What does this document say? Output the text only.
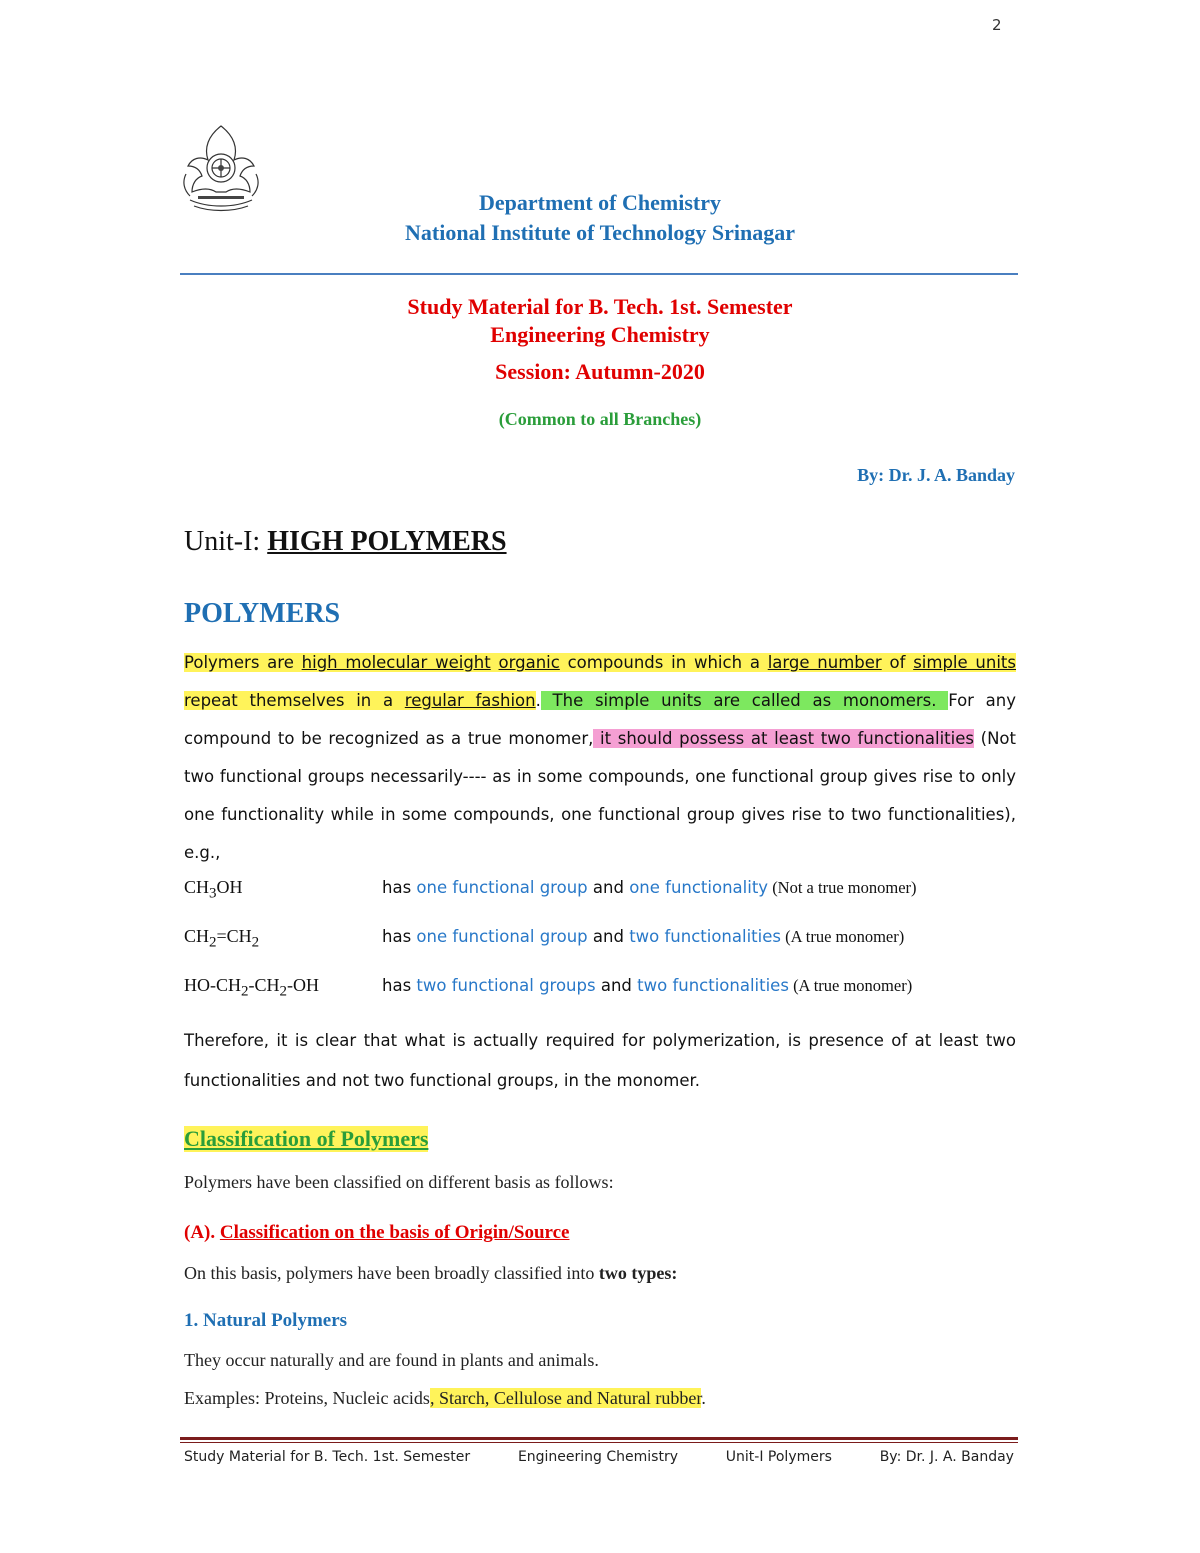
2
Department of Chemistry
National Institute of Technology Srinagar
Study Material for B. Tech. 1st. Semester
Engineering Chemistry
Session: Autumn-2020
(Common to all Branches)
By: Dr. J. A. Banday
Unit-I: HIGH POLYMERS
POLYMERS
Polymers are high molecular weight organic compounds in which a large number of simple units repeat themselves in a regular fashion. The simple units are called as monomers. For any compound to be recognized as a true monomer, it should possess at least two functionalities (Not two functional groups necessarily---- as in some compounds, one functional group gives rise to only one functionality while in some compounds, one functional group gives rise to two functionalities), e.g.,
$CH_3OH$	has one functional group and one functionality (Not a true monomer)
$CH_2=CH_2$	has one functional group and two functionalities (A true monomer)
$HO-CH_2-CH_2-OH$	has two functional groups and two functionalities (A true monomer)
Therefore, it is clear that what is actually required for polymerization, is presence of at least two functionalities and not two functional groups, in the monomer.
Classification of Polymers
Polymers have been classified on different basis as follows:
(A). Classification on the basis of Origin/Source
On this basis, polymers have been broadly classified into two types:
1. Natural Polymers
They occur naturally and are found in plants and animals.
Examples: Proteins, Nucleic acids, Starch, Cellulose and Natural rubber.
Study Material for B. Tech. 1st. Semester	Engineering Chemistry	Unit-I Polymers	By: Dr. J. A. Banday
